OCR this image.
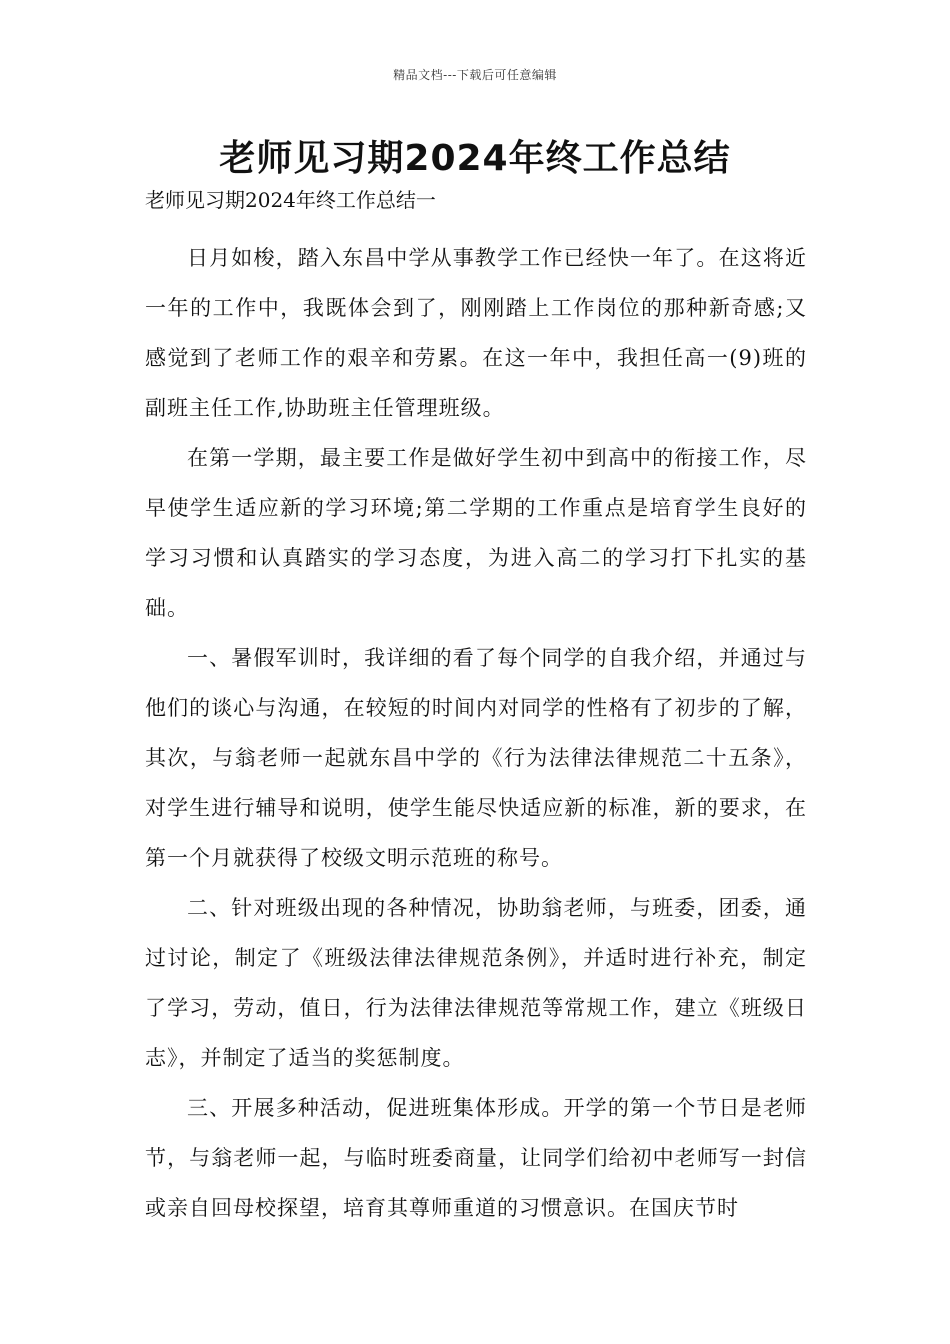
精品文档---下载后可任意编辑
老师见习期2024年终工作总结
老师见习期2024年终工作总结一

日月如梭，踏入东昌中学从事教学工作已经快一年了。在这将近一年的工作中，我既体会到了，刚刚踏上工作岗位的那种新奇感;又感觉到了老师工作的艰辛和劳累。在这一年中，我担任高一(9)班的副班主任工作,协助班主任管理班级。

在第一学期，最主要工作是做好学生初中到高中的衔接工作，尽早使学生适应新的学习环境;第二学期的工作重点是培育学生良好的学习习惯和认真踏实的学习态度，为进入高二的学习打下扎实的基础。

一、暑假军训时，我详细的看了每个同学的自我介绍，并通过与他们的谈心与沟通，在较短的时间内对同学的性格有了初步的了解，其次，与翁老师一起就东昌中学的《行为法律法律规范二十五条》，对学生进行辅导和说明，使学生能尽快适应新的标准，新的要求，在第一个月就获得了校级文明示范班的称号。

二、针对班级出现的各种情况，协助翁老师，与班委，团委，通过讨论，制定了《班级法律法律规范条例》，并适时进行补充，制定了学习，劳动，值日，行为法律法律规范等常规工作，建立《班级日志》，并制定了适当的奖惩制度。

三、开展多种活动，促进班集体形成。开学的第一个节日是老师节，与翁老师一起，与临时班委商量，让同学们给初中老师写一封信或亲自回母校探望，培育其尊师重道的习惯意识。在国庆节时
